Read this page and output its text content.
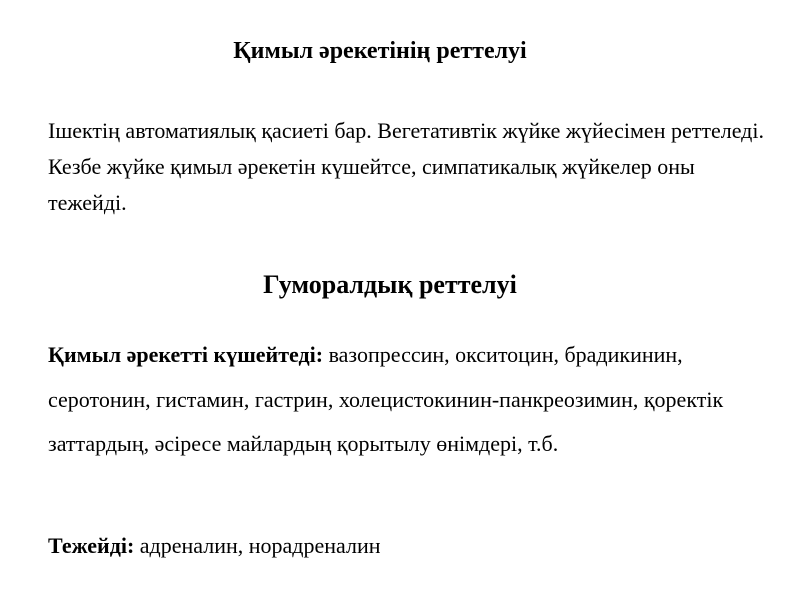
Қимыл әрекетінің реттелуі

Ішектің автоматиялық қасиеті бар. Вегетативтік жүйке жүйесімен реттеледі. Кезбе жүйке қимыл әрекетін күшейтсе, симпатикалық жүйкелер оны тежейді.

Гуморалдық реттелуі

Қимыл әрекетті күшейтеді: вазопрессин, окситоцин, брадикинин, серотонин, гистамин, гастрин, холецистокинин-панкреозимин, қоректік заттардың, әсіресе майлардың қорытылу өнімдері, т.б.

Тежейді: адреналин, норадреналин
